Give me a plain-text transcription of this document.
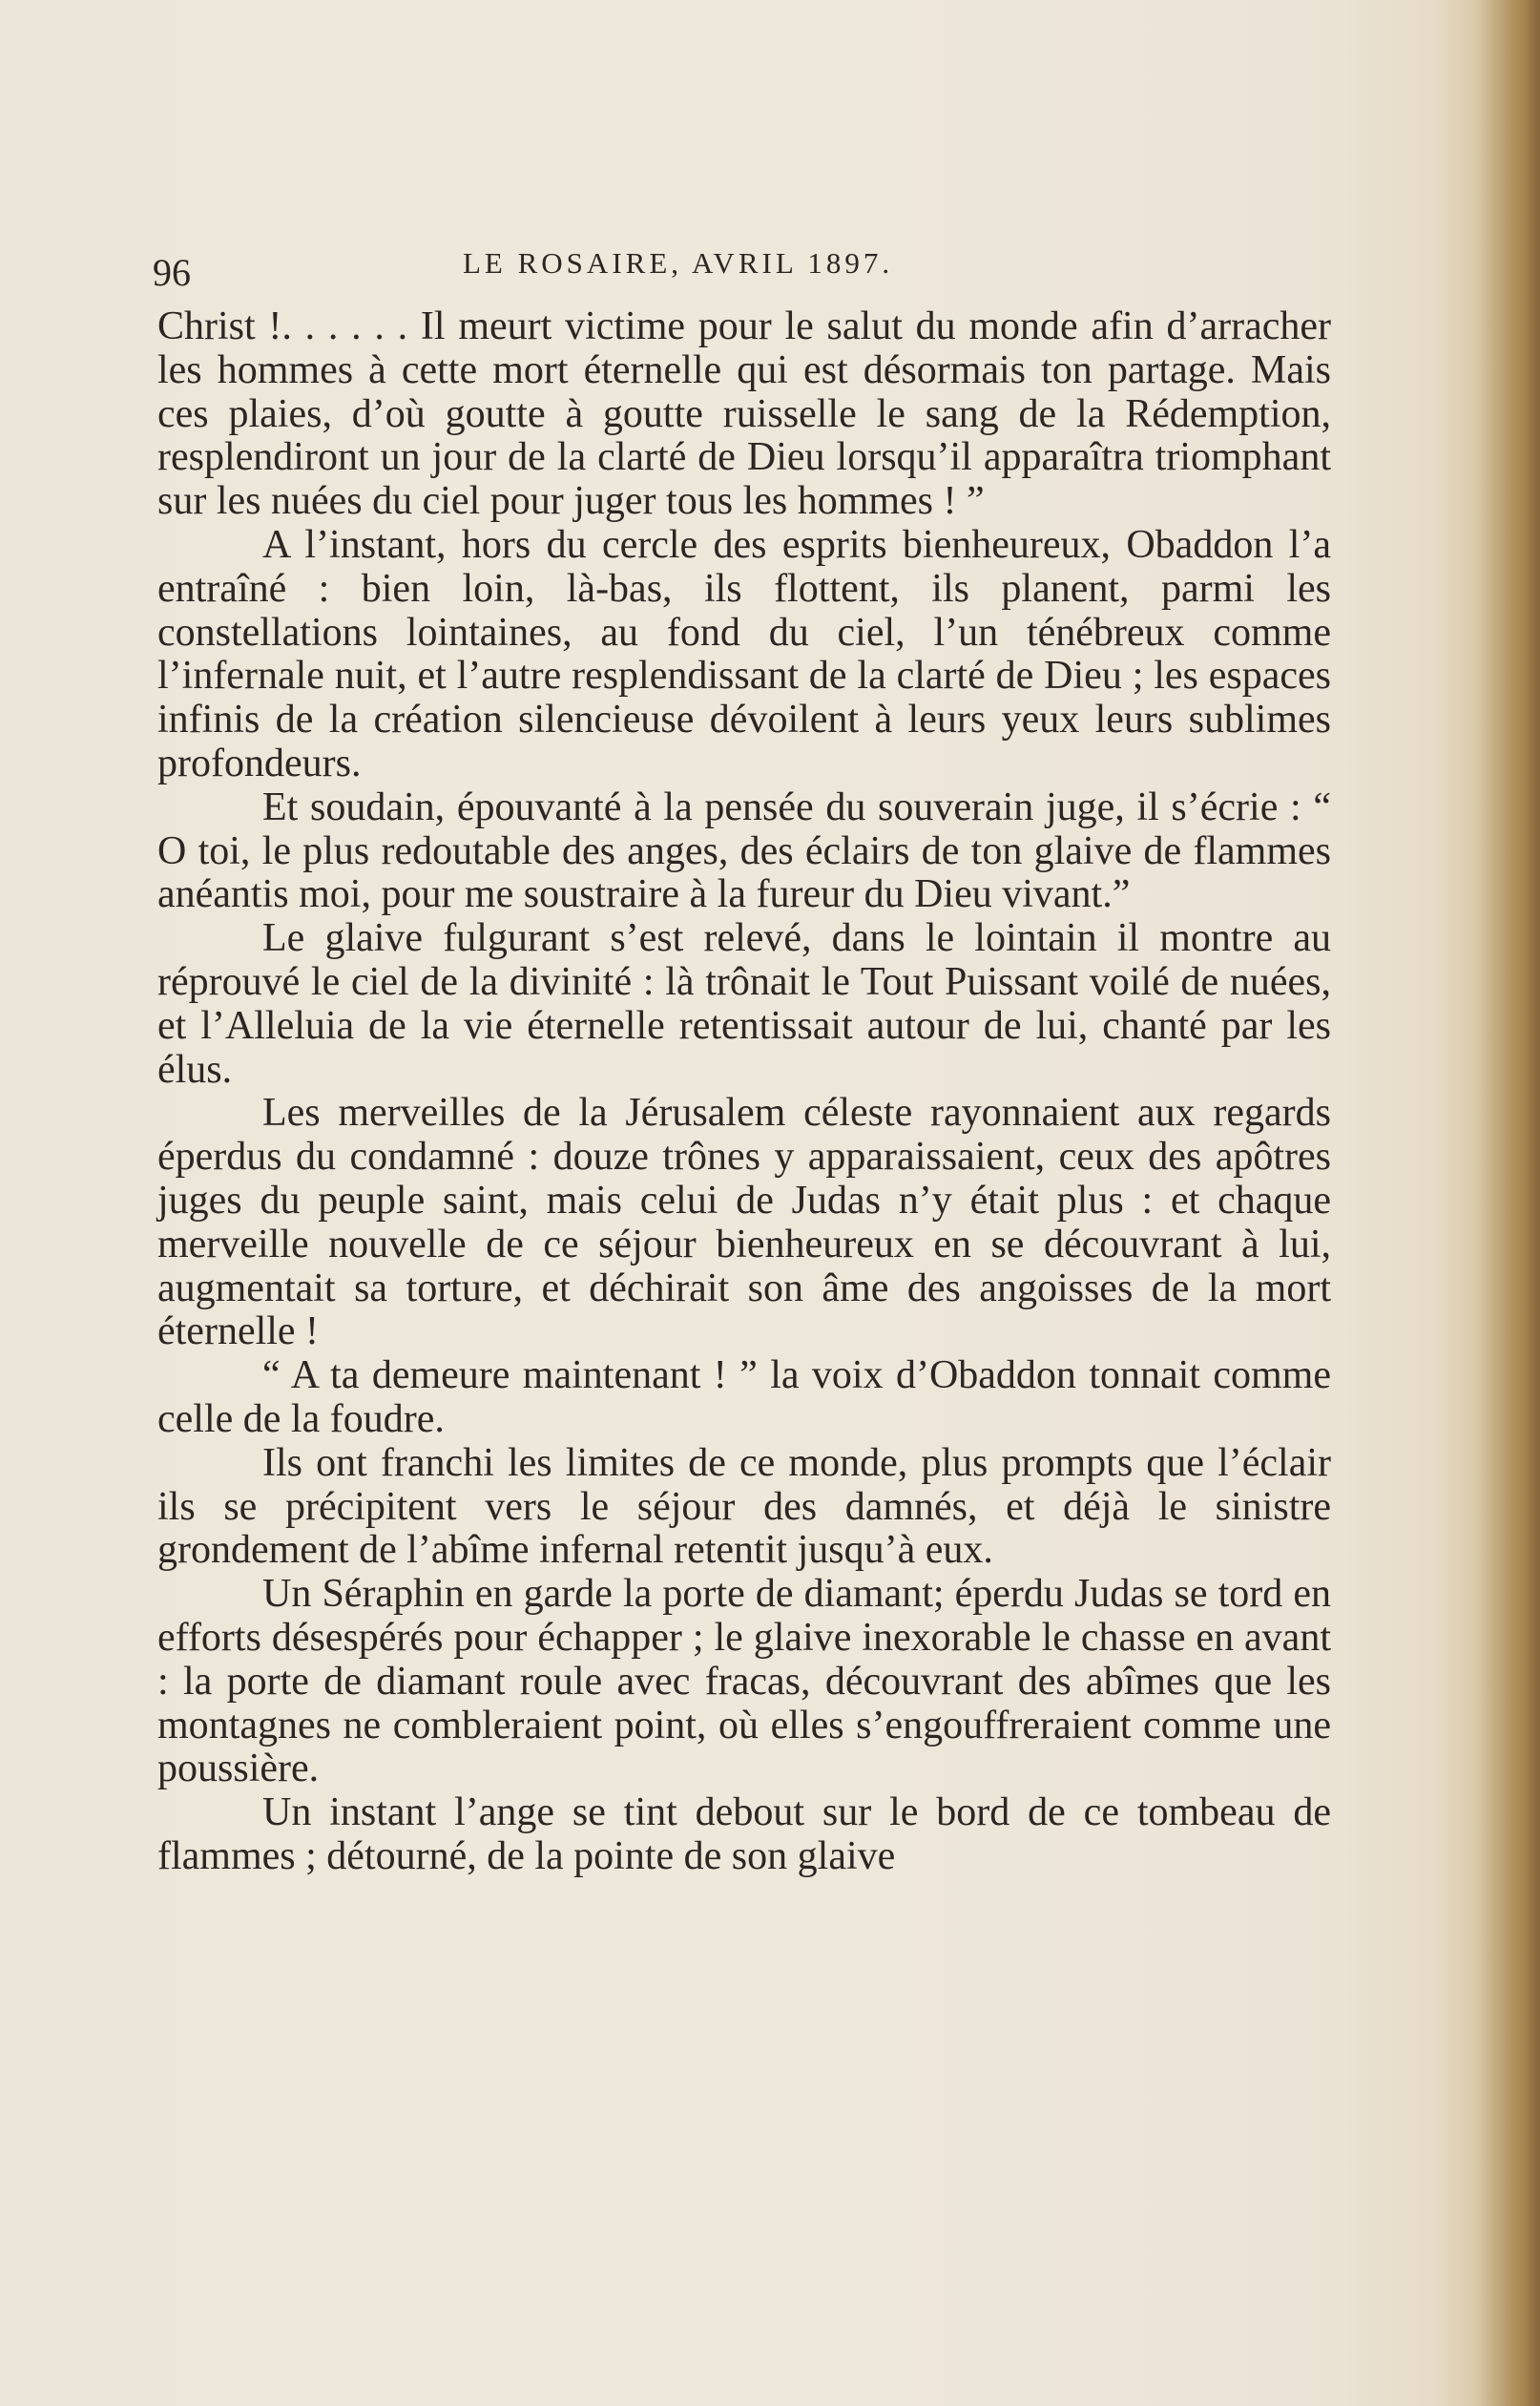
96	LE ROSAIRE, AVRIL 1897.

Christ !. . . . . . Il meurt victime pour le salut du monde afin d’arracher les hommes à cette mort éternelle qui est désormais ton partage. Mais ces plaies, d’où goutte à goutte ruisselle le sang de la Rédemption, resplendiront un jour de la clarté de Dieu lorsqu’il apparaîtra triomphant sur les nuées du ciel pour juger tous les hommes ! ”

A l’instant, hors du cercle des esprits bienheureux, Obaddon l’a entraîné : bien loin, là-bas, ils flottent, ils planent, parmi les constellations lointaines, au fond du ciel, l’un ténébreux comme l’infernale nuit, et l’autre resplendissant de la clarté de Dieu ; les espaces infinis de la création silencieuse dévoilent à leurs yeux leurs sublimes profondeurs.

Et soudain, épouvanté à la pensée du souverain juge, il s’écrie : “ O toi, le plus redoutable des anges, des éclairs de ton glaive de flammes anéantis moi, pour me soustraire à la fureur du Dieu vivant.”

Le glaive fulgurant s’est relevé, dans le lointain il montre au réprouvé le ciel de la divinité : là trônait le Tout Puissant voilé de nuées, et l’Alleluia de la vie éternelle retentissait autour de lui, chanté par les élus.

Les merveilles de la Jérusalem céleste rayonnaient aux regards éperdus du condamné : douze trônes y apparaissaient, ceux des apôtres juges du peuple saint, mais celui de Judas n’y était plus : et chaque merveille nouvelle de ce séjour bienheureux en se découvrant à lui, augmentait sa torture, et déchirait son âme des angoisses de la mort éternelle !

“ A ta demeure maintenant ! ” la voix d’Obaddon tonnait comme celle de la foudre.

Ils ont franchi les limites de ce monde, plus prompts que l’éclair ils se précipitent vers le séjour des damnés, et déjà le sinistre grondement de l’abîme infernal retentit jusqu’à eux.

Un Séraphin en garde la porte de diamant; éperdu Judas se tord en efforts désespérés pour échapper ; le glaive inexorable le chasse en avant : la porte de diamant roule avec fracas, découvrant des abîmes que les montagnes ne combleraient point, où elles s’engouffreraient comme une poussière.

Un instant l’ange se tint debout sur le bord de ce tombeau de flammes ; détourné, de la pointe de son glaive
